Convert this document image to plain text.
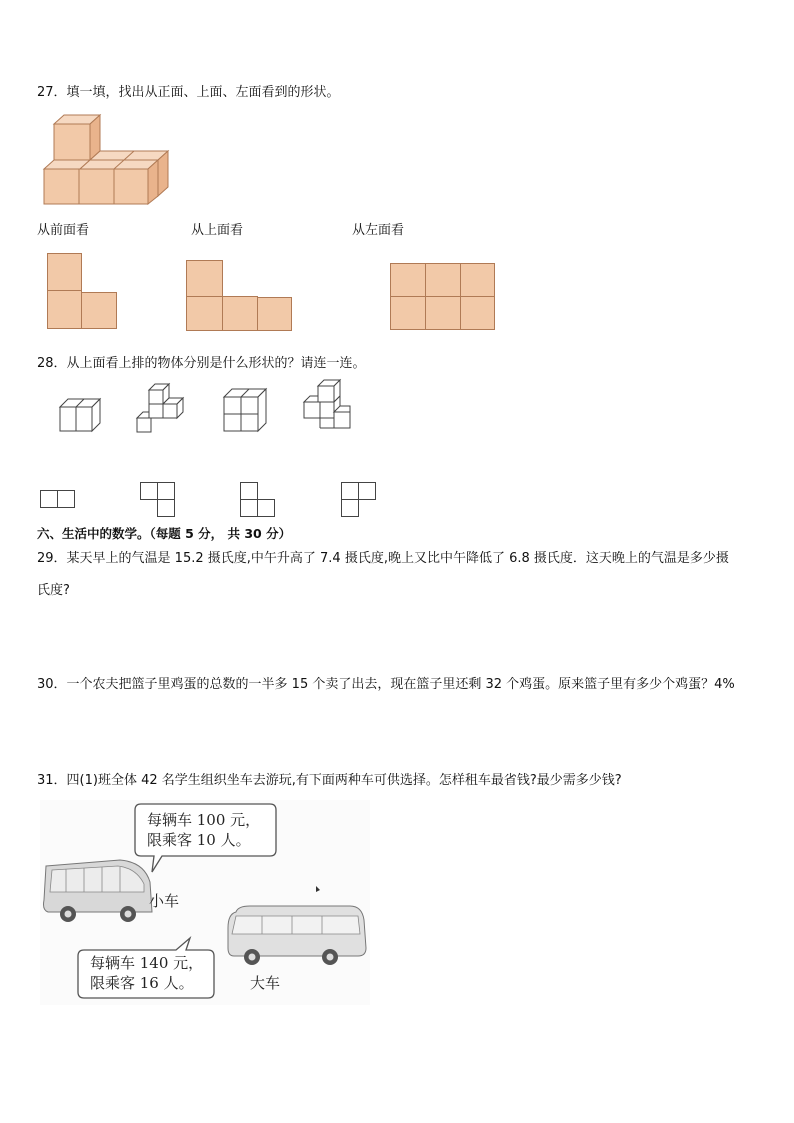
27．填一填，找出从正面、上面、左面看到的形状。
从前面看	从上面看	从左面看
28．从上面看上排的物体分别是什么形状的？请连一连。
六、生活中的数学。（每题 5 分， 共 30 分）
29．某天早上的气温是 15.2 摄氏度,中午升高了 7.4 摄氏度,晚上又比中午降低了 6.8 摄氏度．这天晚上的气温是多少摄
氏度?
30．一个农夫把篮子里鸡蛋的总数的一半多 15 个卖了出去，现在篮子里还剩 32 个鸡蛋。原来篮子里有多少个鸡蛋？4%
31．四(1)班全体 42 名学生组织坐车去游玩,有下面两种车可供选择。怎样租车最省钱?最少需多少钱?
每辆车 100 元，
限乘客 10 人。
小车
每辆车 140 元，
限乘客 16 人。	大车
